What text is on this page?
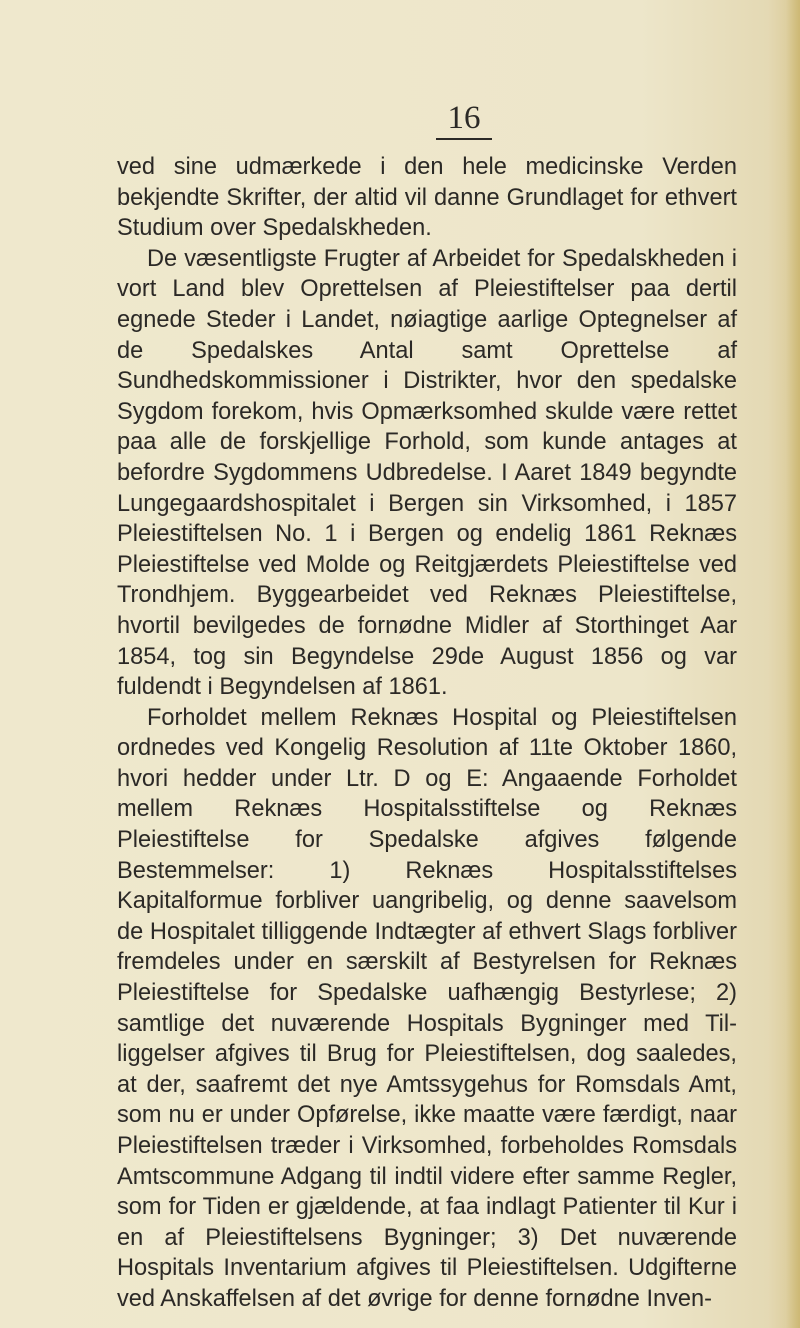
16

ved sine udmærkede i den hele medicinske Verden bekjendte Skrifter, der altid vil danne Grundlaget for ethvert Studium over Spedalskheden.

De væsentligste Frugter af Arbeidet for Spedalskheden i vort Land blev Oprettelsen af Pleiestiftelser paa dertil egnede Steder i Landet, nøiagtige aarlige Optegnelser af de Spedalskes Antal samt Oprettelse af Sundhedskommissioner i Distrikter, hvor den spedalske Sygdom forekom, hvis Opmærksomhed skulde være rettet paa alle de forskjellige Forhold, som kunde antages at befordre Sygdommens Udbredelse. I Aaret 1849 begyndte Lungegaardshospitalet i Bergen sin Virksomhed, i 1857 Pleiestiftelsen No. 1 i Bergen og endelig 1861 Reknæs Pleiestiftelse ved Molde og Reitgjærdets Pleiestiftelse ved Trondhjem. Byggearbeidet ved Reknæs Pleiestiftelse, hvortil bevilgedes de fornødne Midler af Storthinget Aar 1854, tog sin Begyndelse 29de August 1856 og var fuldendt i Begyndelsen af 1861.

Forholdet mellem Reknæs Hospital og Pleiestiftelsen ordnedes ved Kongelig Resolution af 11te Oktober 1860, hvori hedder under Ltr. D og E: Angaaende Forholdet mellem Reknæs Hospitalsstiftelse og Reknæs Pleiestiftelse for Spedalske afgives følgende Bestemmelser: 1) Reknæs Hospitalsstiftelses Kapitalformue forbliver uangribelig, og denne saavelsom de Hospitalet tilliggende Indtægter af ethvert Slags forbliver fremdeles under en særskilt af Bestyrelsen for Reknæs Pleiestiftelse for Spedalske uafhængig Bestyrlese; 2) samtlige det nuværende Hospitals Bygninger med Tilliggelser afgives til Brug for Pleiestiftelsen, dog saaledes, at der, saafremt det nye Amtssygehus for Romsdals Amt, som nu er under Opførelse, ikke maatte være færdigt, naar Pleiestiftelsen træder i Virksomhed, forbeholdes Romsdals Amtscommune Adgang til indtil videre efter samme Regler, som for Tiden er gjældende, at faa indlagt Patienter til Kur i en af Pleiestiftelsens Bygninger; 3) Det nuværende Hospitals Inventarium afgives til Pleiestiftelsen. Udgifterne ved Anskaffelsen af det øvrige for denne fornødne Inven-
